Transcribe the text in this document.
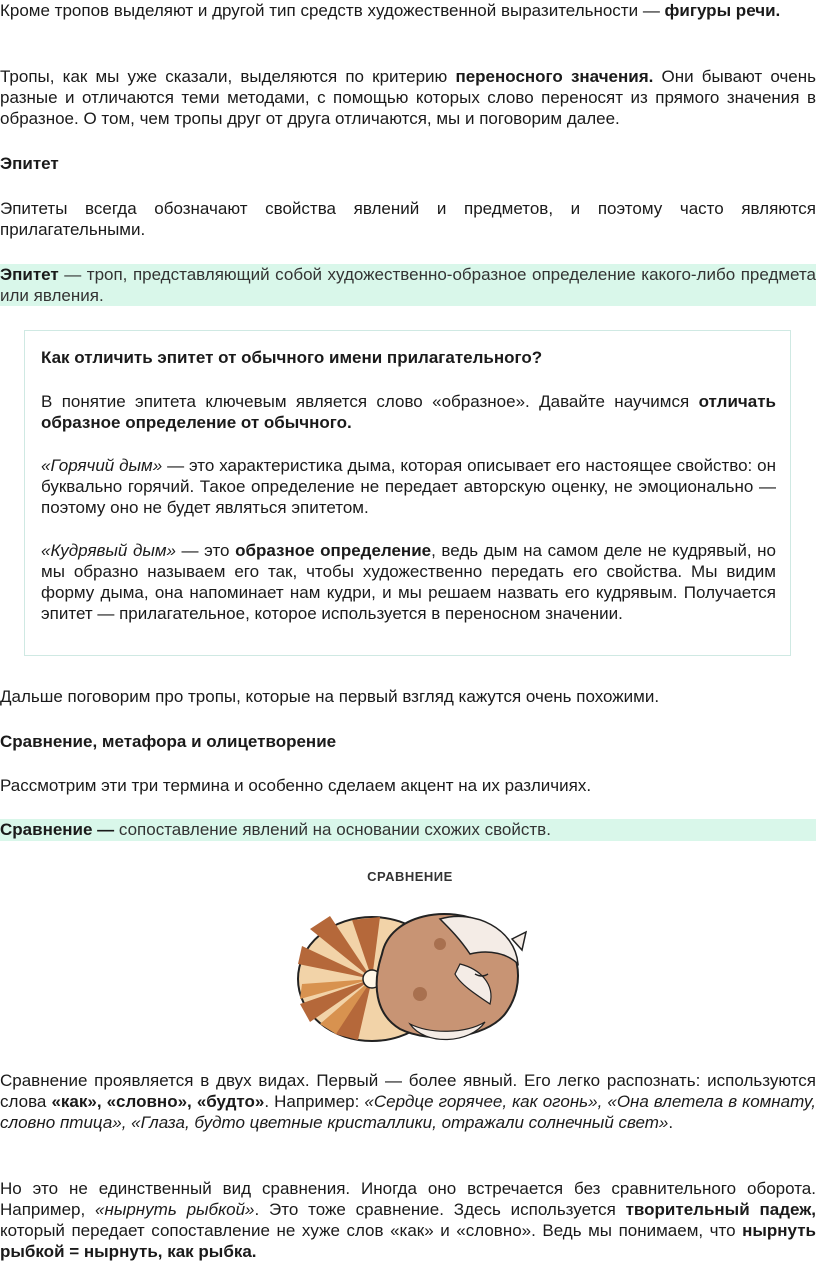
Кроме тропов выделяют и другой тип средств художественной выразительности — фигуры речи.

Тропы, как мы уже сказали, выделяются по критерию переносного значения. Они бывают очень разные и отличаются теми методами, с помощью которых слово переносят из прямого значения в образное. О том, чем тропы друг от друга отличаются, мы и поговорим далее.

Эпитет

Эпитеты всегда обозначают свойства явлений и предметов, и поэтому часто являются прилагательными.

Эпитет — троп, представляющий собой художественно-образное определение какого-либо предмета или явления.

Как отличить эпитет от обычного имени прилагательного?

В понятие эпитета ключевым является слово «образное». Давайте научимся отличать образное определение от обычного.

«Горячий дым» — это характеристика дыма, которая описывает его настоящее свойство: он буквально горячий. Такое определение не передает авторскую оценку, не эмоционально — поэтому оно не будет являться эпитетом.

«Кудрявый дым» — это образное определение, ведь дым на самом деле не кудрявый, но мы образно называем его так, чтобы художественно передать его свойства. Мы видим форму дыма, она напоминает нам кудри, и мы решаем назвать его кудрявым. Получается эпитет — прилагательное, которое используется в переносном значении.

Дальше поговорим про тропы, которые на первый взгляд кажутся очень похожими.

Сравнение, метафора и олицетворение

Рассмотрим эти три термина и особенно сделаем акцент на их различиях.

Сравнение — сопоставление явлений на основании схожих свойств.

СРАВНЕНИЕ

Сравнение проявляется в двух видах. Первый — более явный. Его легко распознать: используются слова «как», «словно», «будто». Например: «Сердце горячее, как огонь», «Она влетела в комнату, словно птица», «Глаза, будто цветные кристаллики, отражали солнечный свет».

Но это не единственный вид сравнения. Иногда оно встречается без сравнительного оборота. Например, «нырнуть рыбкой». Это тоже сравнение. Здесь используется творительный падеж, который передает сопоставление не хуже слов «как» и «словно». Ведь мы понимаем, что нырнуть рыбкой = нырнуть, как рыбка.
